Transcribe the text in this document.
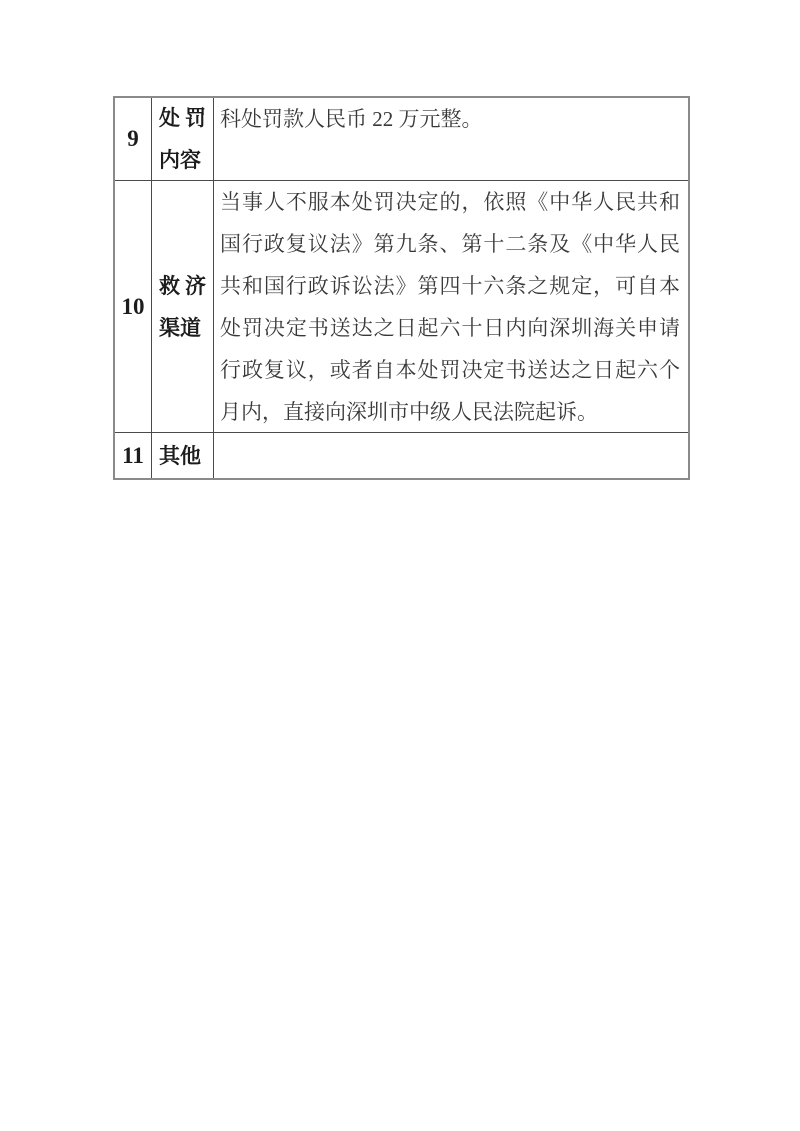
9
处罚
内容
科处罚款人民币 22 万元整。
10
救济
渠道
当事人不服本处罚决定的，依照《中华人民共和
国行政复议法》第九条、第十二条及《中华人民
共和国行政诉讼法》第四十六条之规定，可自本
处罚决定书送达之日起六十日内向深圳海关申请
行政复议，或者自本处罚决定书送达之日起六个
月内，直接向深圳市中级人民法院起诉。
11 其他
